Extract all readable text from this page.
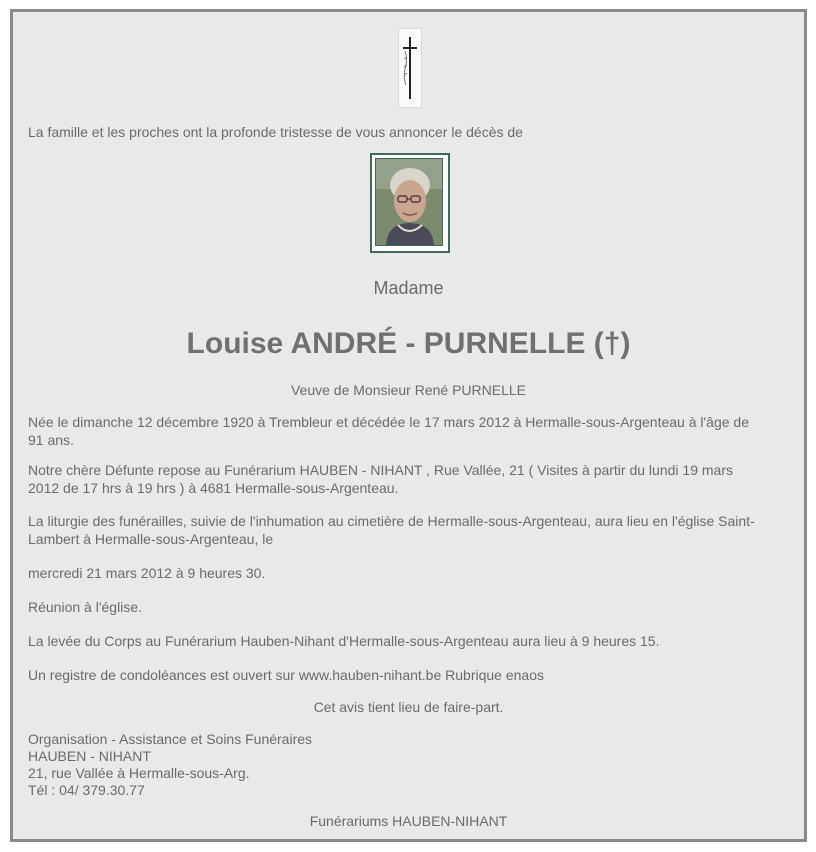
La famille et les proches ont la profonde tristesse de vous annoncer le décès de
Madame
Louise ANDRÉ - PURNELLE (†)
Veuve de Monsieur René PURNELLE
Née le dimanche 12 décembre 1920 à Trembleur et décédée le 17 mars 2012 à Hermalle-sous-Argenteau à l'âge de
91 ans.
Notre chère Défunte repose au Funérarium HAUBEN - NIHANT , Rue Vallée, 21 ( Visites à partir du lundi 19 mars
2012 de 17 hrs à 19 hrs ) à 4681 Hermalle-sous-Argenteau.
La liturgie des funérailles, suivie de l'inhumation au cimetière de Hermalle-sous-Argenteau, aura lieu en l'église Saint-
Lambert à Hermalle-sous-Argenteau, le
mercredi 21 mars 2012 à 9 heures 30.
Réunion à l'église.
La levée du Corps au Funérarium Hauben-Nihant d'Hermalle-sous-Argenteau aura lieu à 9 heures 15.
Un registre de condoléances est ouvert sur www.hauben-nihant.be Rubrique enaos
Cet avis tient lieu de faire-part.
Organisation - Assistance et Soins Funéraires
HAUBEN - NIHANT
21, rue Vallée à Hermalle-sous-Arg.
Tél : 04/ 379.30.77
Funérariums HAUBEN-NIHANT
